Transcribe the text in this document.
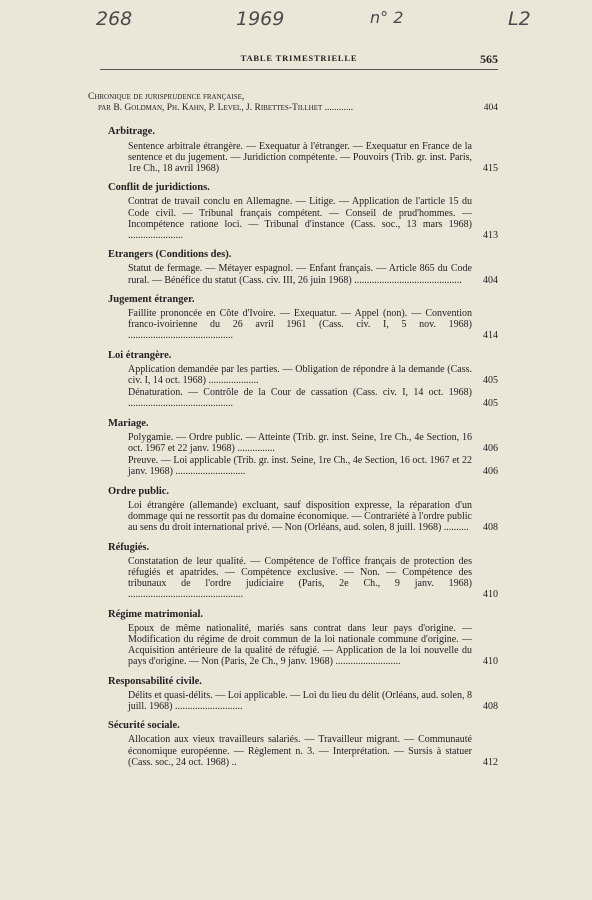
268	1969	n° 2	L2
TABLE TRIMESTRIELLE	565
Chronique de jurisprudence française,
par B. Goldman, Ph. Kahn, P. Level, J. Ribettes-Tillhet ............	404
Arbitrage.
Sentence arbitrale étrangère. — Exequatur à l'étranger. — Exequatur en France de la sentence et du jugement. — Juridiction compétente. — Pouvoirs (Trib. gr. inst. Paris, 1re Ch., 18 avril 1968)	415
Conflit de juridictions.
Contrat de travail conclu en Allemagne. — Litige. — Application de l'article 15 du Code civil. — Tribunal français compétent. — Conseil de prud'hommes. — Incompétence ratione loci. — Tribunal d'instance (Cass. soc., 13 mars 1968) ......................	413
Etrangers (Conditions des).
Statut de fermage. — Métayer espagnol. — Enfant français. — Article 865 du Code rural. — Bénéfice du statut (Cass. civ. III, 26 juin 1968) ...........................................	404
Jugement étranger.
Faillite prononcée en Côte d'Ivoire. — Exequatur. — Appel (non). — Convention franco-ivoirienne du 26 avril 1961 (Cass. civ. I, 5 nov. 1968) ..........................................	414
Loi étrangère.
Application demandée par les parties. — Obligation de répondre à la demande (Cass. civ. I, 14 oct. 1968) ....................	405
Dénaturation. — Contrôle de la Cour de cassation (Cass. civ. I, 14 oct. 1968) ..........................................	405
Mariage.
Polygamie. — Ordre public. — Atteinte (Trib. gr. inst. Seine, 1re Ch., 4e Section, 16 oct. 1967 et 22 janv. 1968) ...............	406
Preuve. — Loi applicable (Trib. gr. inst. Seine, 1re Ch., 4e Section, 16 oct. 1967 et 22 janv. 1968) ............................	406
Ordre public.
Loi étrangère (allemande) excluant, sauf disposition expresse, la réparation d'un dommage qui ne ressortit pas du domaine économique. — Contrariété à l'ordre public au sens du droit international privé. — Non (Orléans, aud. solen, 8 juill. 1968) ..........	408
Réfugiés.
Constatation de leur qualité. — Compétence de l'office français de protection des réfugiés et apatrides. — Compétence exclusive. — Non. — Compétence des tribunaux de l'ordre judiciaire (Paris, 2e Ch., 9 janv. 1968) ..............................................	410
Régime matrimonial.
Epoux de même nationalité, mariés sans contrat dans leur pays d'origine. — Modification du régime de droit commun de la loi nationale commune d'origine. — Acquisition antérieure de la qualité de réfugié. — Application de la loi nouvelle du pays d'origine. — Non (Paris, 2e Ch., 9 janv. 1968) ..........................	410
Responsabilité civile.
Délits et quasi-délits. — Loi applicable. — Loi du lieu du délit (Orléans, aud. solen, 8 juill. 1968) ...........................	408
Sécurité sociale.
Allocation aux vieux travailleurs salariés. — Travailleur migrant. — Communauté économique européenne. — Règlement n. 3. — Interprétation. — Sursis à statuer (Cass. soc., 24 oct. 1968) ..	412
